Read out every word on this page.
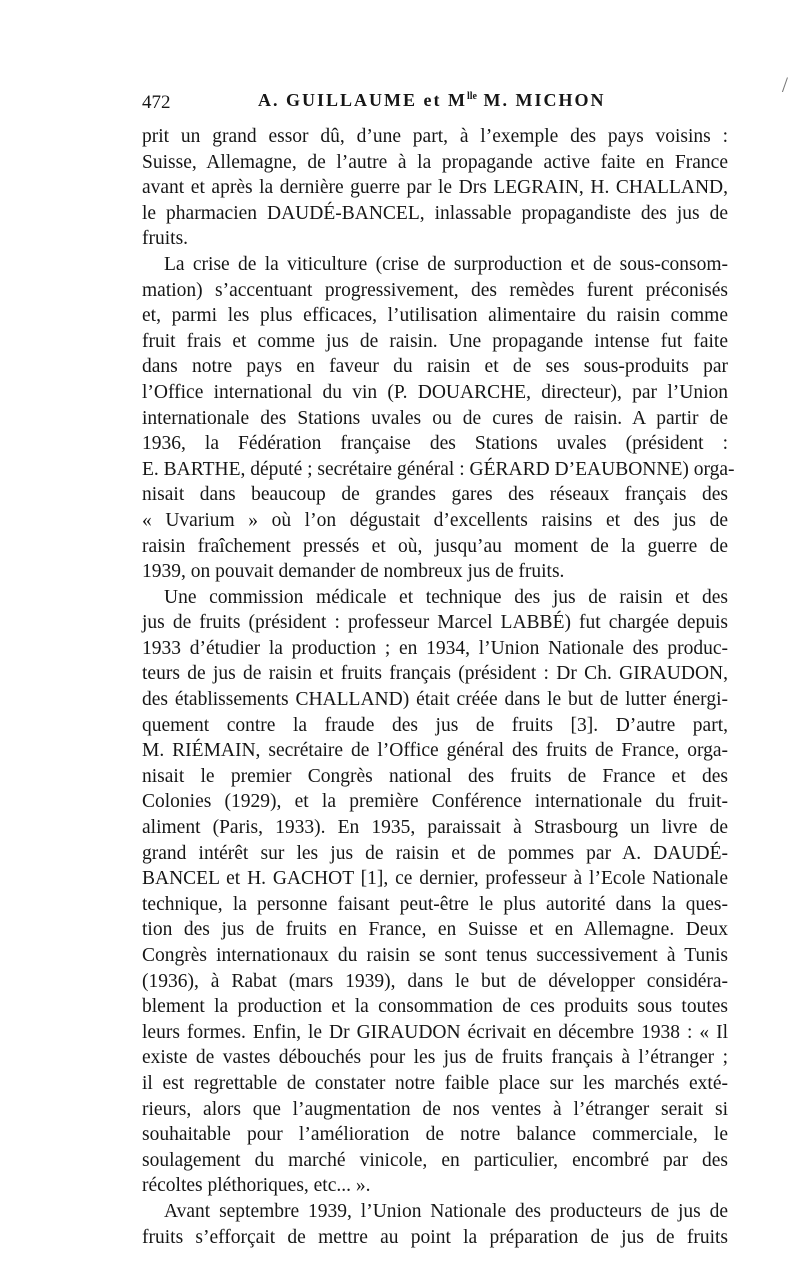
472	A. GUILLAUME et $M^{lle}$ M. MICHON
/
prit un grand essor dû, d’une part, à l’exemple des pays voisins :
Suisse, Allemagne, de l’autre à la propagande active faite en France
avant et après la dernière guerre par le Drs LEGRAIN, H. CHALLAND,
le pharmacien DAUDÉ-BANCEL, inlassable propagandiste des jus de
fruits.
La crise de la viticulture (crise de surproduction et de sous-consom-
mation) s’accentuant progressivement, des remèdes furent préconisés
et, parmi les plus efficaces, l’utilisation alimentaire du raisin comme
fruit frais et comme jus de raisin. Une propagande intense fut faite
dans notre pays en faveur du raisin et de ses sous-produits par
l’Office international du vin (P. DOUARCHE, directeur), par l’Union
internationale des Stations uvales ou de cures de raisin. A partir de
1936, la Fédération française des Stations uvales (président :
E. BARTHE, député ; secrétaire général : GÉRARD D’EAUBONNE) orga-
nisait dans beaucoup de grandes gares des réseaux français des
« Uvarium » où l’on dégustait d’excellents raisins et des jus de
raisin fraîchement pressés et où, jusqu’au moment de la guerre de
1939, on pouvait demander de nombreux jus de fruits.
Une commission médicale et technique des jus de raisin et des
jus de fruits (président : professeur Marcel LABBÉ) fut chargée depuis
1933 d’étudier la production ; en 1934, l’Union Nationale des produc-
teurs de jus de raisin et fruits français (président : Dr Ch. GIRAUDON,
des établissements CHALLAND) était créée dans le but de lutter énergi-
quement contre la fraude des jus de fruits [3]. D’autre part,
M. RIÉMAIN, secrétaire de l’Office général des fruits de France, orga-
nisait le premier Congrès national des fruits de France et des
Colonies (1929), et la première Conférence internationale du fruit-
aliment (Paris, 1933). En 1935, paraissait à Strasbourg un livre de
grand intérêt sur les jus de raisin et de pommes par A. DAUDÉ-
BANCEL et H. GACHOT [1], ce dernier, professeur à l’Ecole Nationale
technique, la personne faisant peut-être le plus autorité dans la ques-
tion des jus de fruits en France, en Suisse et en Allemagne. Deux
Congrès internationaux du raisin se sont tenus successivement à Tunis
(1936), à Rabat (mars 1939), dans le but de développer considéra-
blement la production et la consommation de ces produits sous toutes
leurs formes. Enfin, le Dr GIRAUDON écrivait en décembre 1938 : « Il
existe de vastes débouchés pour les jus de fruits français à l’étranger ;
il est regrettable de constater notre faible place sur les marchés exté-
rieurs, alors que l’augmentation de nos ventes à l’étranger serait si
souhaitable pour l’amélioration de notre balance commerciale, le
soulagement du marché vinicole, en particulier, encombré par des
récoltes pléthoriques, etc... ».
Avant septembre 1939, l’Union Nationale des producteurs de jus de
fruits s’efforçait de mettre au point la préparation de jus de fruits
